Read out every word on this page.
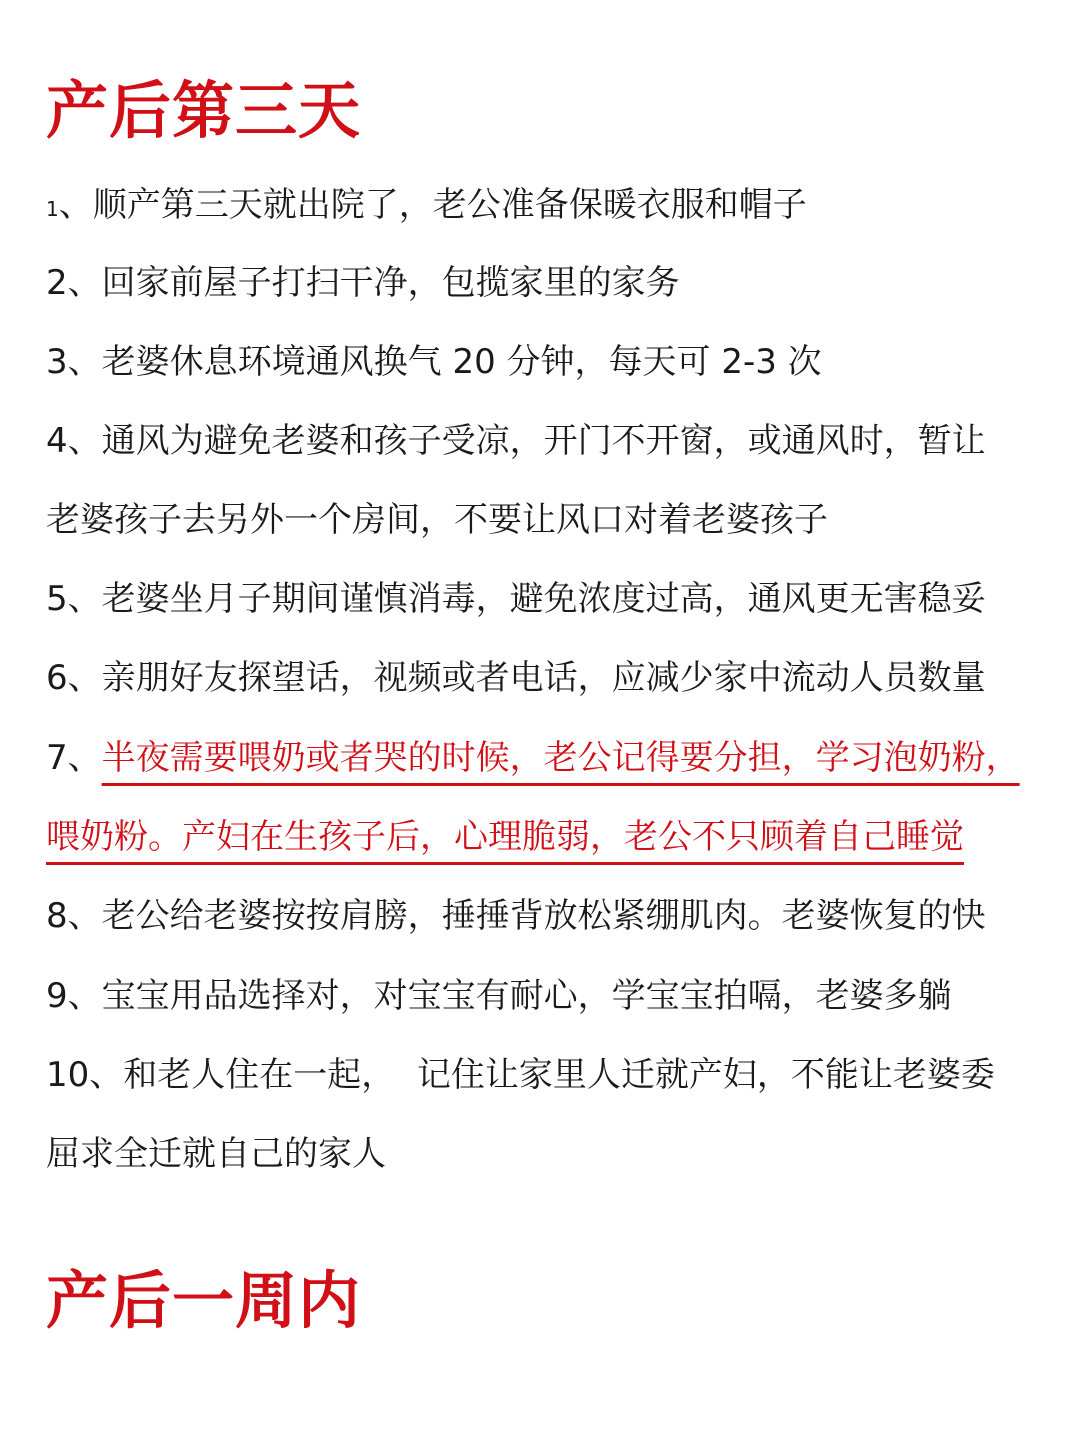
产后第三天
1、顺产第三天就出院了，老公准备保暖衣服和帽子
2、回家前屋子打扫干净，包揽家里的家务
3、老婆休息环境通风换气 20 分钟，每天可 2-3 次
4、通风为避免老婆和孩子受凉，开门不开窗，或通风时，暂让
老婆孩子去另外一个房间，不要让风口对着老婆孩子
5、老婆坐月子期间谨慎消毒，避免浓度过高，通风更无害稳妥
6、亲朋好友探望话，视频或者电话，应减少家中流动人员数量
7、半夜需要喂奶或者哭的时候，老公记得要分担，学习泡奶粉，
喂奶粉。产妇在生孩子后，心理脆弱，老公不只顾着自己睡觉
8、老公给老婆按按肩膀，捶捶背放松紧绷肌肉。老婆恢复的快
9、宝宝用品选择对，对宝宝有耐心，学宝宝拍嗝，老婆多躺
10、和老人住在一起，  记住让家里人迁就产妇，不能让老婆委
屈求全迁就自己的家人
产后一周内
